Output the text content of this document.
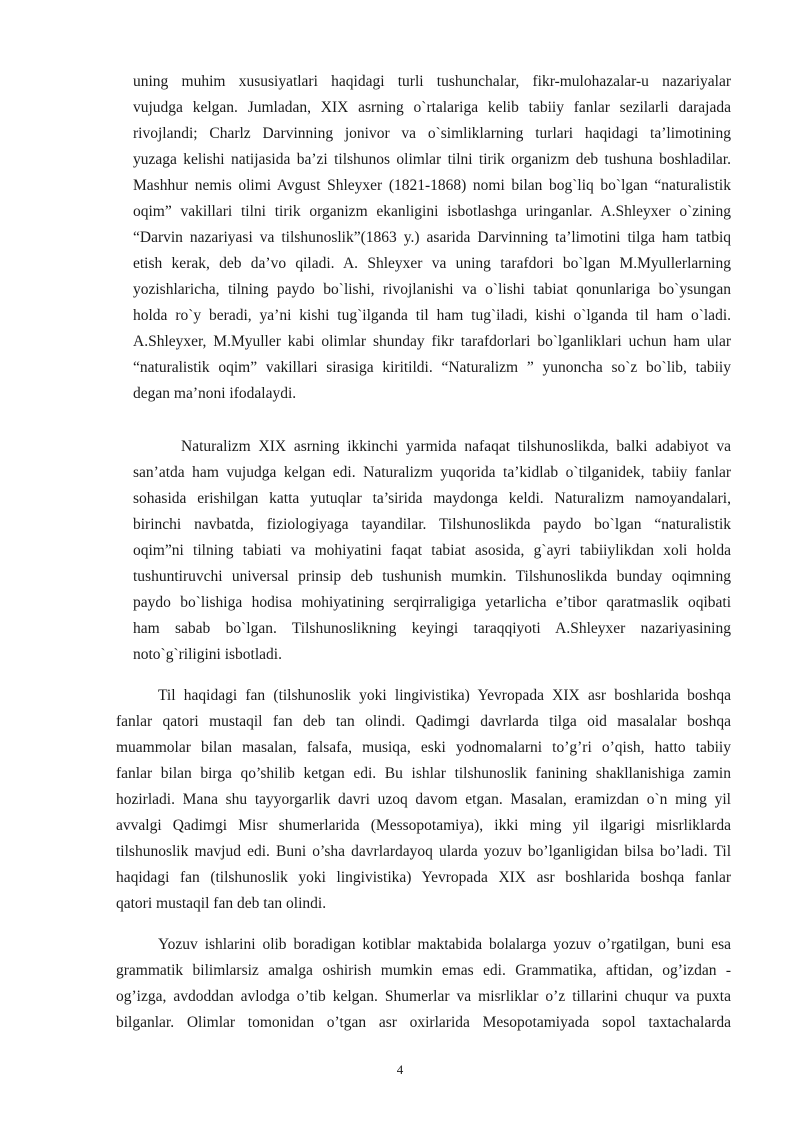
uning muhim xususiyatlari haqidagi turli tushunchalar, fikr-mulohazalar-u nazariyalar
vujudga kelgan. Jumladan, XIX asrning o`rtalariga kelib tabiiy fanlar sezilarli darajada
rivojlandi; Charlz Darvinning jonivor va o`simliklarning turlari haqidagi ta’limotining
yuzaga kelishi natijasida ba’zi tilshunos olimlar tilni tirik organizm deb tushuna boshladilar.
Mashhur nemis olimi Avgust Shleyxer (1821-1868) nomi bilan bog`liq bo`lgan “naturalistik
oqim” vakillari tilni tirik organizm ekanligini isbotlashga uringanlar. A.Shleyxer o`zining
“Darvin nazariyasi va tilshunoslik”(1863 y.) asarida Darvinning ta’limotini tilga ham tatbiq
etish kerak, deb da’vo qiladi. A. Shleyxer va uning tarafdori bo`lgan M.Myullerlarning
yozishlaricha, tilning paydo bo`lishi, rivojlanishi va o`lishi tabiat qonunlariga bo`ysungan
holda ro`y beradi, ya’ni kishi tug`ilganda til ham tug`iladi, kishi o`lganda til ham o`ladi.
A.Shleyxer, M.Myuller kabi olimlar shunday fikr tarafdorlari bo`lganliklari uchun ham ular
“naturalistik oqim” vakillari sirasiga kiritildi. “Naturalizm ” yunoncha so`z bo`lib, tabiiy
degan ma’noni ifodalaydi.
Naturalizm XIX asrning ikkinchi yarmida nafaqat tilshunoslikda, balki adabiyot va
san’atda ham vujudga kelgan edi. Naturalizm yuqorida ta’kidlab o`tilganidek, tabiiy fanlar
sohasida erishilgan katta yutuqlar ta’sirida maydonga keldi. Naturalizm namoyandalari,
birinchi navbatda, fiziologiyaga tayandilar. Tilshunoslikda paydo bo`lgan “naturalistik
oqim”ni tilning tabiati va mohiyatini faqat tabiat asosida, g`ayri tabiiylikdan xoli holda
tushuntiruvchi universal prinsip deb tushunish mumkin. Tilshunoslikda bunday oqimning
paydo bo`lishiga hodisa mohiyatining serqirraligiga yetarlicha e’tibor qaratmaslik oqibati
ham sabab bo`lgan. Tilshunoslikning keyingi taraqqiyoti A.Shleyxer nazariyasining
noto`g`riligini isbotladi.
Til haqidagi fan (tilshunoslik yoki lingivistika) Yevropada XIX asr boshlarida boshqa
fanlar qatori mustaqil fan deb tan olindi. Qadimgi davrlarda tilga oid masalalar boshqa
muammolar bilan masalan, falsafa, musiqa, eski yodnomalarni to’g’ri o’qish, hatto tabiiy
fanlar bilan birga qo’shilib ketgan edi. Bu ishlar tilshunoslik fanining shakllanishiga zamin
hozirladi. Mana shu tayyorgarlik davri uzoq davom etgan. Masalan, eramizdan o`n ming yil
avvalgi Qadimgi Misr shumerlarida (Messopotamiya), ikki ming yil ilgarigi misrliklarda
tilshunoslik mavjud edi. Buni o’sha davrlardayoq ularda yozuv bo’lganligidan bilsa bo’ladi. Til
haqidagi fan (tilshunoslik yoki lingivistika) Yevropada XIX asr boshlarida boshqa fanlar
qatori mustaqil fan deb tan olindi.
Yozuv ishlarini olib boradigan kotiblar maktabida bolalarga yozuv o’rgatilgan, buni esa
grammatik bilimlarsiz amalga oshirish mumkin emas edi. Grammatika, aftidan, og’izdan -
og’izga, avdoddan avlodga o’tib kelgan. Shumerlar va misrliklar o’z tillarini chuqur va puxta
bilganlar. Olimlar tomonidan o’tgan asr oxirlarida Mesopotamiyada sopol taxtachalarda
4
